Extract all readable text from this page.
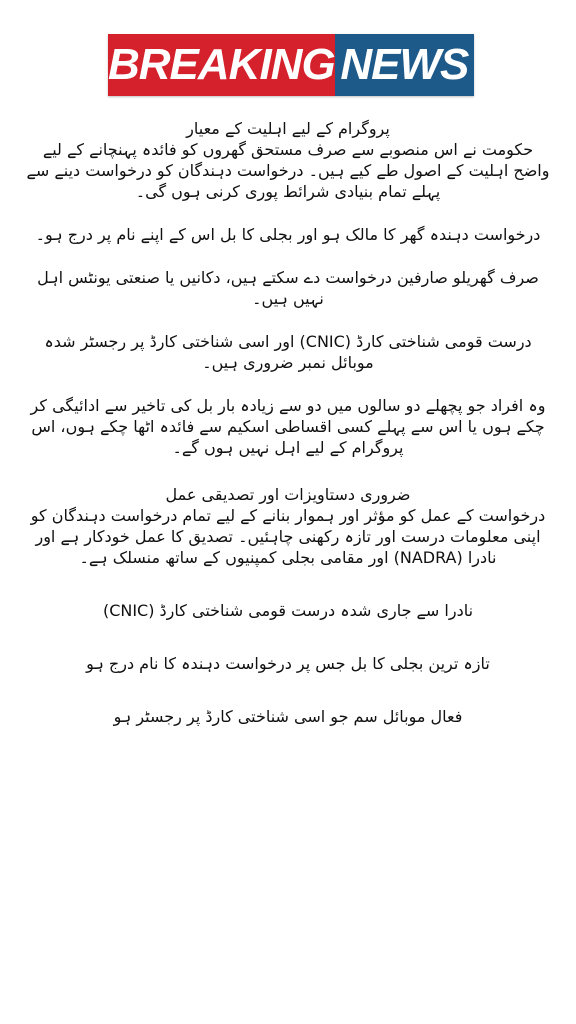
BREAKING NEWS
پروگرام کے لیے اہلیت کے معیار

حکومت نے اس منصوبے سے صرف مستحق گھروں کو فائدہ پہنچانے کے لیے واضح اہلیت کے اصول طے کیے ہیں۔ درخواست دہندگان کو درخواست دینے سے پہلے تمام بنیادی شرائط پوری کرنی ہوں گی۔

درخواست دہندہ گھر کا مالک ہو اور بجلی کا بل اس کے اپنے نام پر درج ہو۔

صرف گھریلو صارفین درخواست دے سکتے ہیں، دکانیں یا صنعتی یونٹس اہل نہیں ہیں۔

درست قومی شناختی کارڈ (CNIC) اور اسی شناختی کارڈ پر رجسٹر شدہ موبائل نمبر ضروری ہیں۔

وہ افراد جو پچھلے دو سالوں میں دو سے زیادہ بار بل کی تاخیر سے ادائیگی کر چکے ہوں یا اس سے پہلے کسی اقساطی اسکیم سے فائدہ اٹھا چکے ہوں، اس پروگرام کے لیے اہل نہیں ہوں گے۔

ضروری دستاویزات اور تصدیقی عمل

درخواست کے عمل کو مؤثر اور ہموار بنانے کے لیے تمام درخواست دہندگان کو اپنی معلومات درست اور تازہ رکھنی چاہئیں۔ تصدیق کا عمل خودکار ہے اور نادرا (NADRA) اور مقامی بجلی کمپنیوں کے ساتھ منسلک ہے۔

نادرا سے جاری شدہ درست قومی شناختی کارڈ (CNIC)

تازہ ترین بجلی کا بل جس پر درخواست دہندہ کا نام درج ہو

فعال موبائل سم جو اسی شناختی کارڈ پر رجسٹر ہو
